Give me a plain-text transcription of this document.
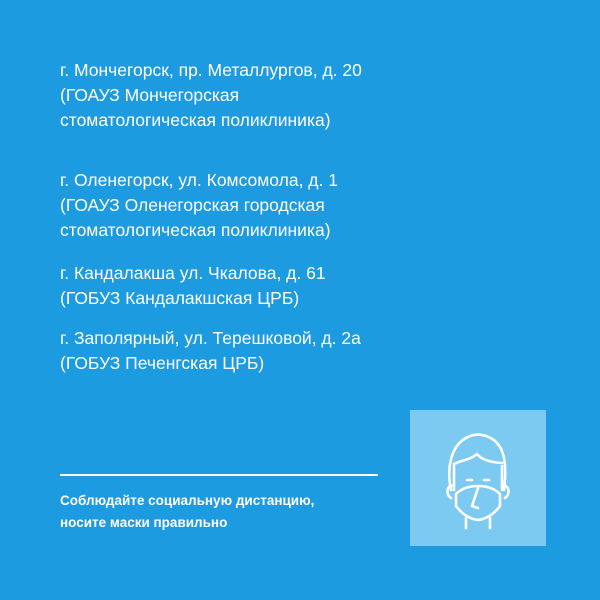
г. Мончегорск, пр. Металлургов, д. 20
(ГОАУЗ Мончегорская
стоматологическая поликлиника)
г. Оленегорск, ул. Комсомола, д. 1
(ГОАУЗ Оленегорская городская
стоматологическая поликлиника)
г. Кандалакша ул. Чкалова, д. 61
(ГОБУЗ Кандалакшская ЦРБ)
г. Заполярный, ул. Терешковой, д. 2а
(ГОБУЗ Печенгская ЦРБ)
Соблюдайте социальную дистанцию,
носите маски правильно
